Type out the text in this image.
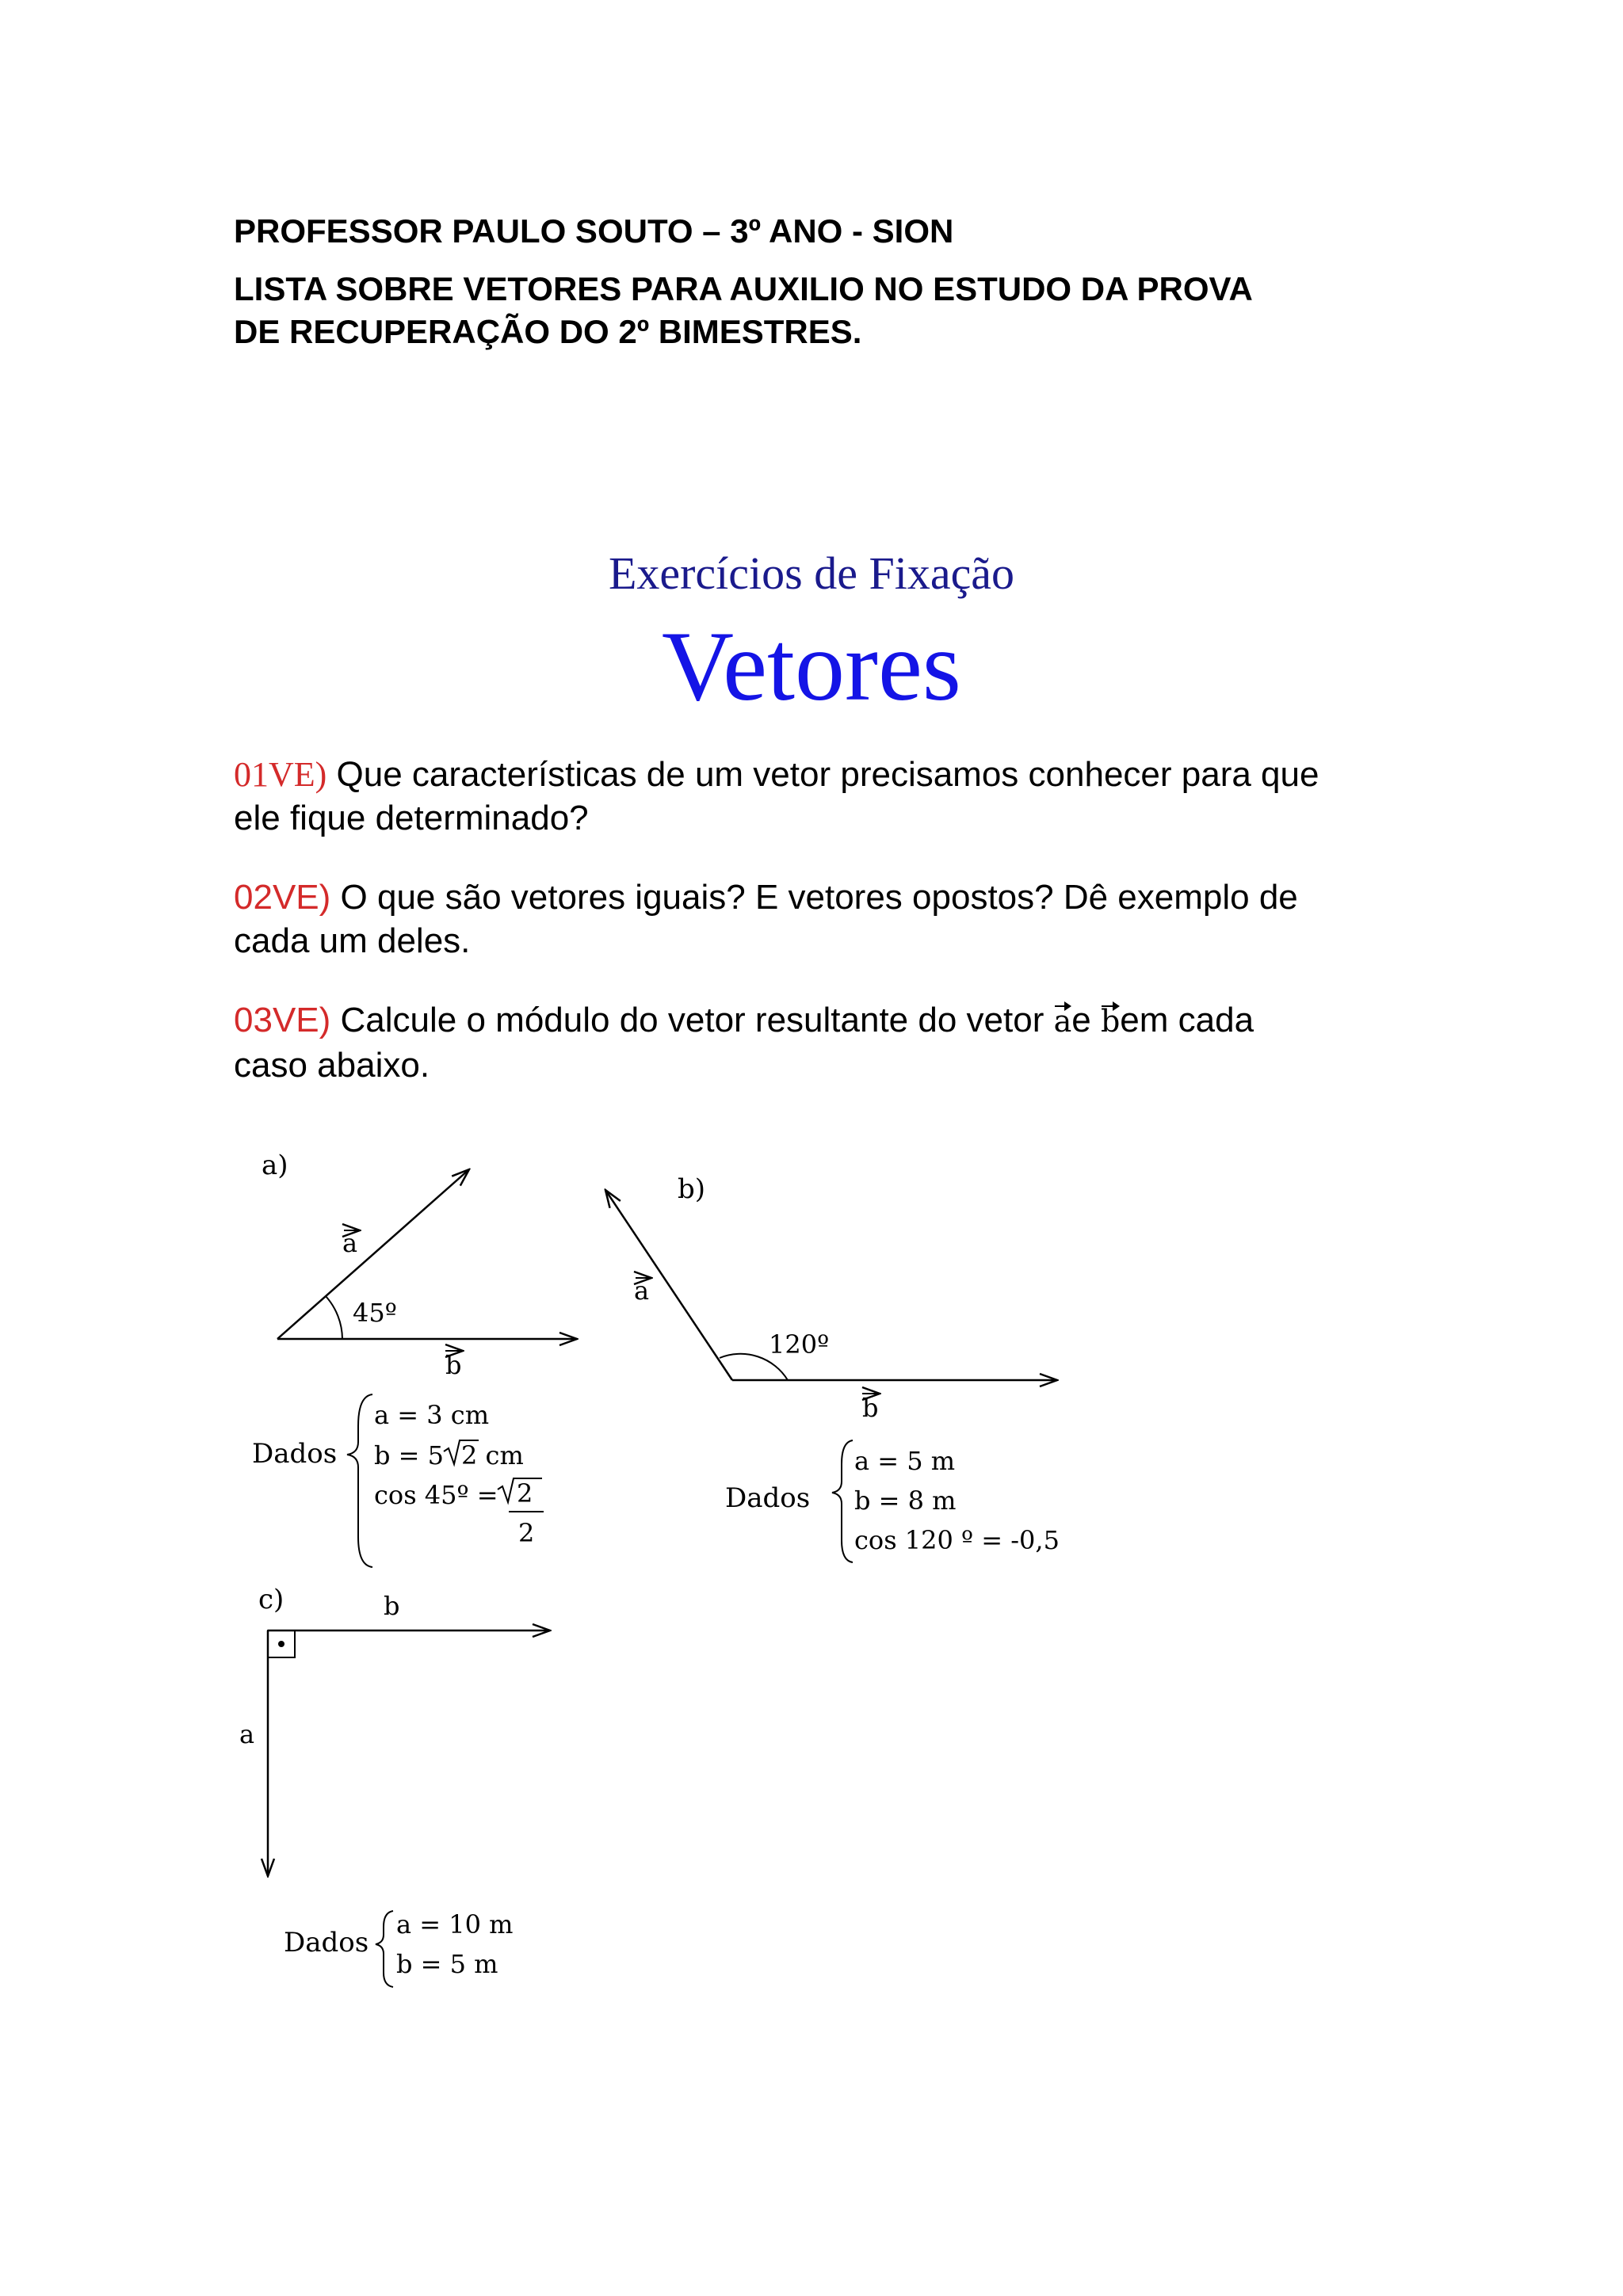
PROFESSOR PAULO SOUTO – 3º ANO - SION
LISTA SOBRE VETORES PARA AUXILIO NO ESTUDO DA PROVA
DE RECUPERAÇÃO DO 2º BIMESTRES.
Exercícios de Fixação
Vetores
01VE) Que características de um vetor precisamos conhecer para que
ele fique determinado?
02VE) O que são vetores iguais? E vetores opostos? Dê exemplo de
cada um deles.
03VE) Calcule o módulo do vetor resultante do vetor ae bem cada
caso abaixo.
a)
a
45º
b
Dados
a = 3 cm
b = 5 2 cm
cos 45º = 2
2
b)
a
120º
b
Dados
a = 5 m
b = 8 m
cos 120 º = -0,5
c)	b
a
Dados
a = 10 m
b = 5 m
